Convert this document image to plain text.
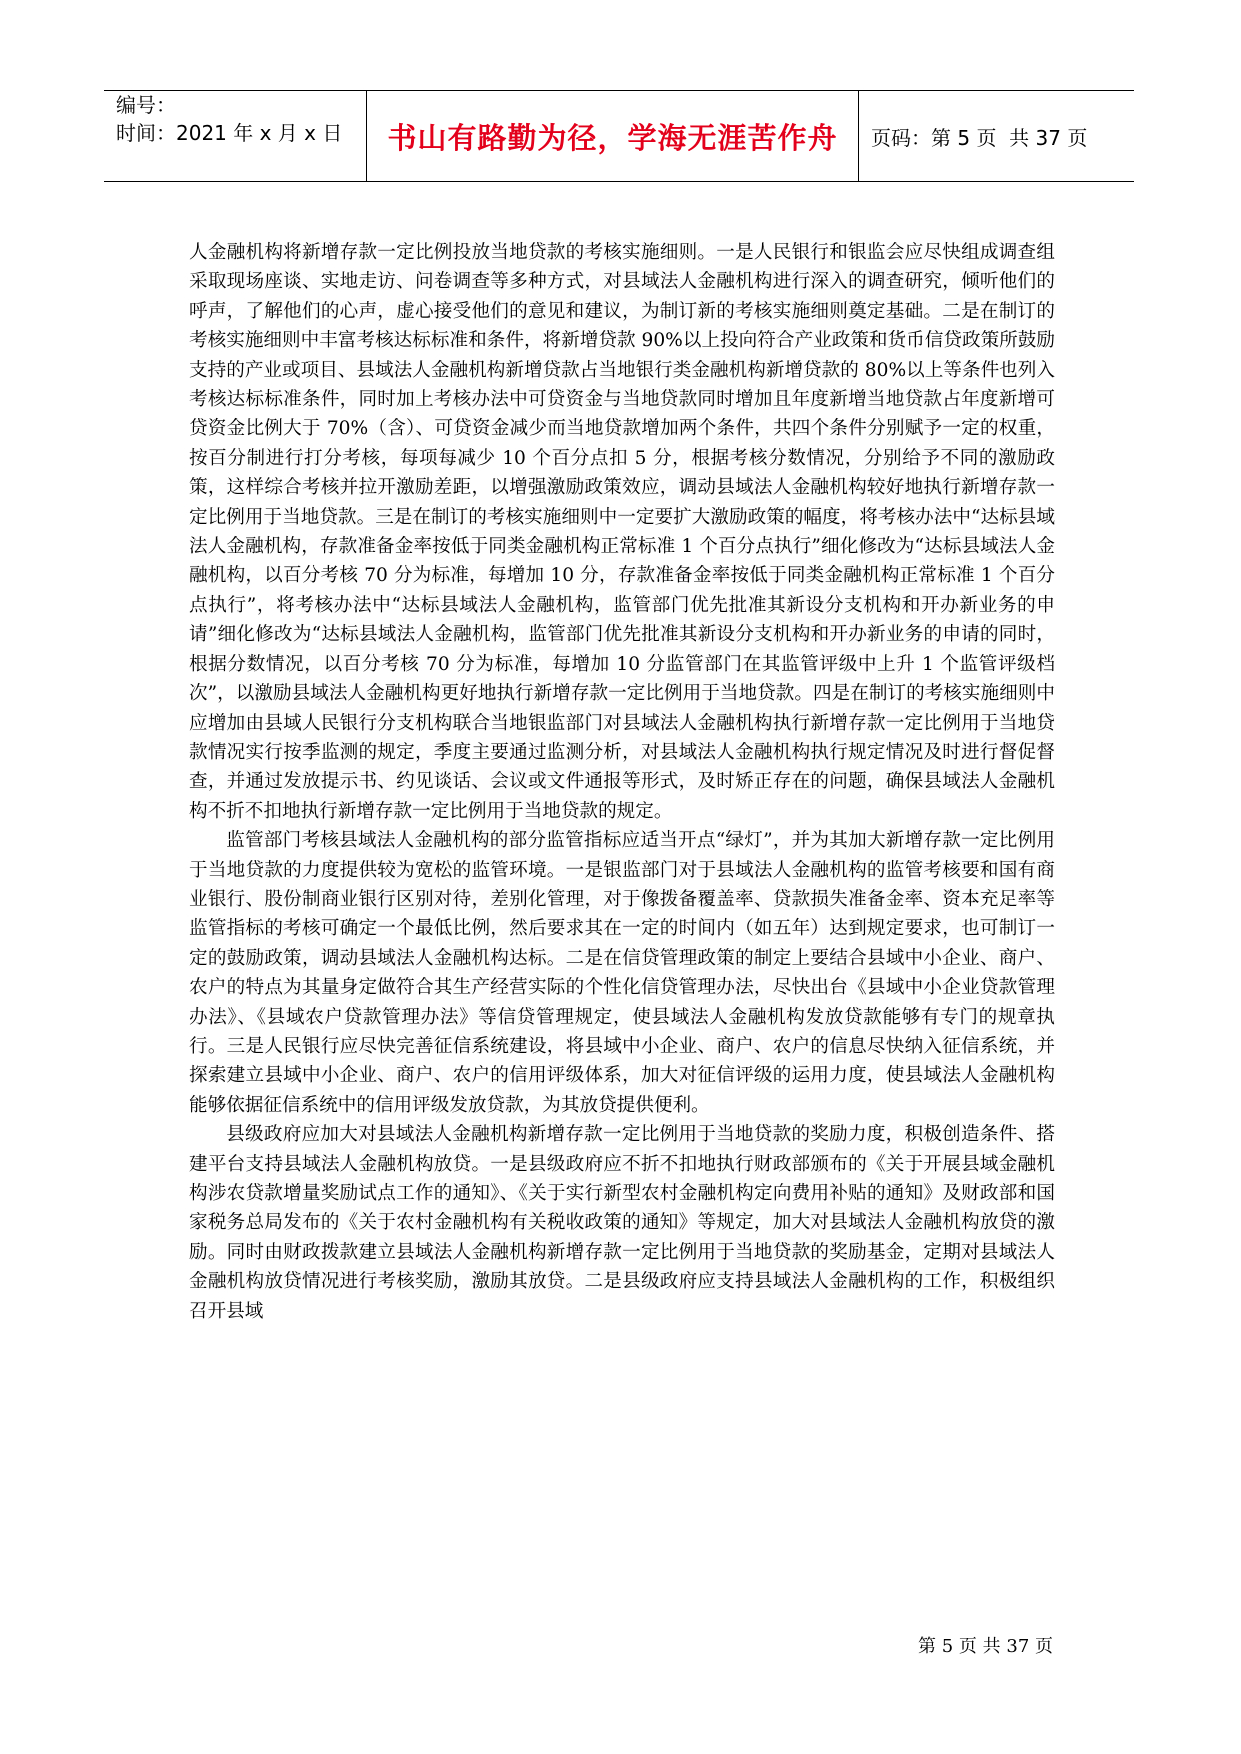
编号：
时间：2021 年 x 月 x 日	书山有路勤为径，学海无涯苦作舟	页码：第 5 页  共 37 页

人金融机构将新增存款一定比例投放当地贷款的考核实施细则。一是人民银行和银监会应尽快组成调查组采取现场座谈、实地走访、问卷调查等多种方式，对县域法人金融机构进行深入的调查研究，倾听他们的呼声，了解他们的心声，虚心接受他们的意见和建议，为制订新的考核实施细则奠定基础。二是在制订的考核实施细则中丰富考核达标标准和条件，将新增贷款 90%以上投向符合产业政策和货币信贷政策所鼓励支持的产业或项目、县域法人金融机构新增贷款占当地银行类金融机构新增贷款的 80%以上等条件也列入考核达标标准条件，同时加上考核办法中可贷资金与当地贷款同时增加且年度新增当地贷款占年度新增可贷资金比例大于 70%（含）、可贷资金减少而当地贷款增加两个条件，共四个条件分别赋予一定的权重，按百分制进行打分考核，每项每减少 10 个百分点扣 5 分，根据考核分数情况，分别给予不同的激励政策，这样综合考核并拉开激励差距，以增强激励政策效应，调动县域法人金融机构较好地执行新增存款一定比例用于当地贷款。三是在制订的考核实施细则中一定要扩大激励政策的幅度，将考核办法中“达标县域法人金融机构，存款准备金率按低于同类金融机构正常标准 1 个百分点执行”细化修改为“达标县域法人金融机构，以百分考核 70 分为标准，每增加 10 分，存款准备金率按低于同类金融机构正常标准 1 个百分点执行”，将考核办法中“达标县域法人金融机构，监管部门优先批准其新设分支机构和开办新业务的申请”细化修改为“达标县域法人金融机构，监管部门优先批准其新设分支机构和开办新业务的申请的同时，根据分数情况，以百分考核 70 分为标准，每增加 10 分监管部门在其监管评级中上升 1 个监管评级档次”，以激励县域法人金融机构更好地执行新增存款一定比例用于当地贷款。四是在制订的考核实施细则中应增加由县域人民银行分支机构联合当地银监部门对县域法人金融机构执行新增存款一定比例用于当地贷款情况实行按季监测的规定，季度主要通过监测分析，对县域法人金融机构执行规定情况及时进行督促督查，并通过发放提示书、约见谈话、会议或文件通报等形式，及时矫正存在的问题，确保县域法人金融机构不折不扣地执行新增存款一定比例用于当地贷款的规定。

监管部门考核县域法人金融机构的部分监管指标应适当开点“绿灯”，并为其加大新增存款一定比例用于当地贷款的力度提供较为宽松的监管环境。一是银监部门对于县域法人金融机构的监管考核要和国有商业银行、股份制商业银行区别对待，差别化管理，对于像拨备覆盖率、贷款损失准备金率、资本充足率等监管指标的考核可确定一个最低比例，然后要求其在一定的时间内（如五年）达到规定要求，也可制订一定的鼓励政策，调动县域法人金融机构达标。二是在信贷管理政策的制定上要结合县域中小企业、商户、农户的特点为其量身定做符合其生产经营实际的个性化信贷管理办法，尽快出台《县域中小企业贷款管理办法》、《县域农户贷款管理办法》等信贷管理规定，使县域法人金融机构发放贷款能够有专门的规章执行。三是人民银行应尽快完善征信系统建设，将县域中小企业、商户、农户的信息尽快纳入征信系统，并探索建立县域中小企业、商户、农户的信用评级体系，加大对征信评级的运用力度，使县域法人金融机构能够依据征信系统中的信用评级发放贷款，为其放贷提供便利。

县级政府应加大对县域法人金融机构新增存款一定比例用于当地贷款的奖励力度，积极创造条件、搭建平台支持县域法人金融机构放贷。一是县级政府应不折不扣地执行财政部颁布的《关于开展县域金融机构涉农贷款增量奖励试点工作的通知》、《关于实行新型农村金融机构定向费用补贴的通知》及财政部和国家税务总局发布的《关于农村金融机构有关税收政策的通知》等规定，加大对县域法人金融机构放贷的激励。同时由财政拨款建立县域法人金融机构新增存款一定比例用于当地贷款的奖励基金，定期对县域法人金融机构放贷情况进行考核奖励，激励其放贷。二是县级政府应支持县域法人金融机构的工作，积极组织召开县域

第 5 页 共 37 页
